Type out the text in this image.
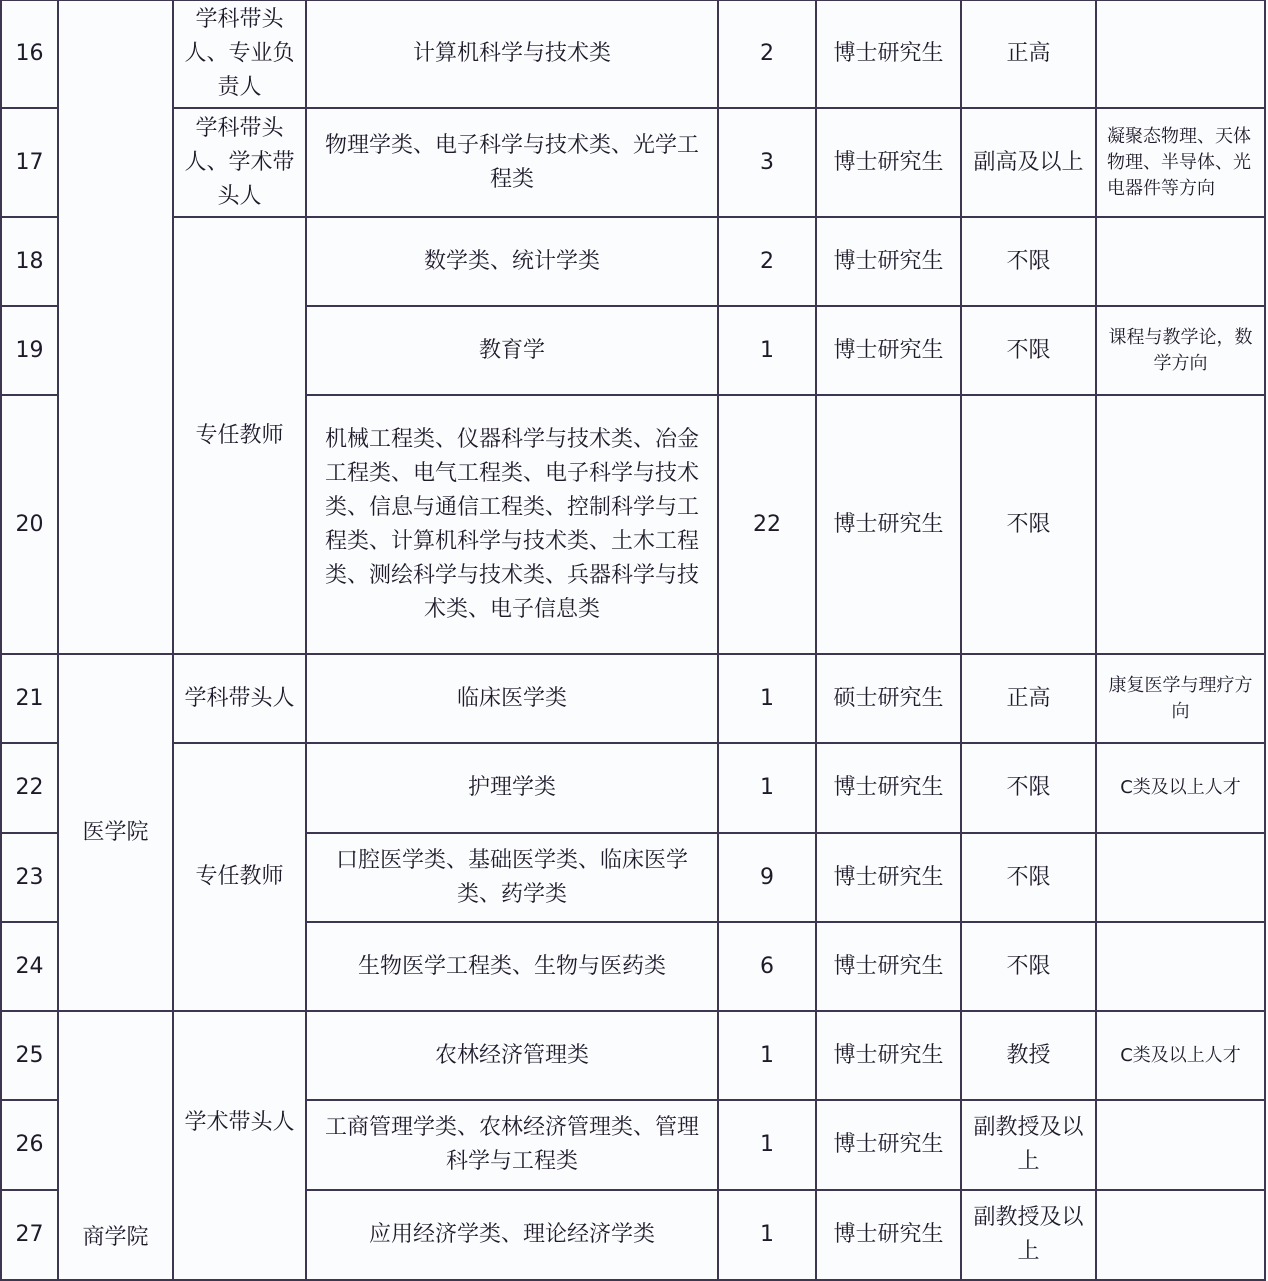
16		学科带头人、专业负责人	计算机科学与技术类	2	博士研究生	正高	
17		学科带头人、学术带头人	物理学类、电子科学与技术类、光学工程类	3	博士研究生	副高及以上	凝聚态物理、天体物理、半导体、光电器件等方向
18		专任教师	数学类、统计学类	2	博士研究生	不限	
19			教育学	1	博士研究生	不限	课程与教学论，数学方向
20			机械工程类、仪器科学与技术类、冶金工程类、电气工程类、电子科学与技术类、信息与通信工程类、控制科学与工程类、计算机科学与技术类、土木工程类、测绘科学与技术类、兵器科学与技术类、电子信息类	22	博士研究生	不限	
21	医学院	学科带头人	临床医学类	1	硕士研究生	正高	康复医学与理疗方向
22		专任教师	护理学类	1	博士研究生	不限	C类及以上人才
23			口腔医学类、基础医学类、临床医学类、药学类	9	博士研究生	不限	
24			生物医学工程类、生物与医药类	6	博士研究生	不限	
25	商学院	学术带头人	农林经济管理类	1	博士研究生	教授	C类及以上人才
26			工商管理学类、农林经济管理类、管理科学与工程类	1	博士研究生	副教授及以上	
27			应用经济学类、理论经济学类	1	博士研究生	副教授及以上	
